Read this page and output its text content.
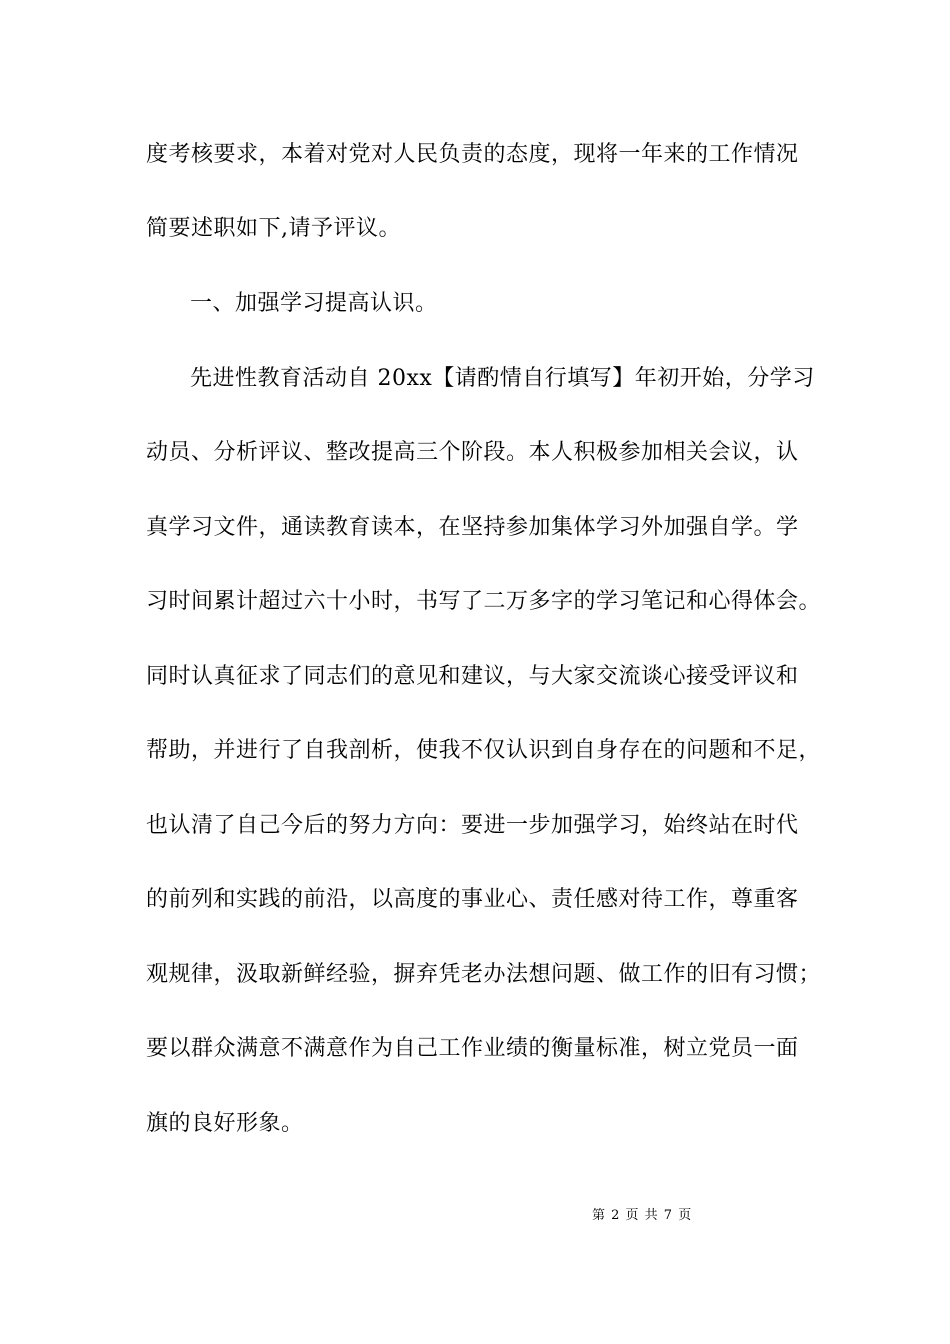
度考核要求，本着对党对人民负责的态度，现将一年来的工作情况
简要述职如下,请予评议。
一、加强学习提高认识。
先进性教育活动自 20xx【请酌情自行填写】年初开始，分学习
动员、分析评议、整改提高三个阶段。本人积极参加相关会议，认
真学习文件，通读教育读本，在坚持参加集体学习外加强自学。学
习时间累计超过六十小时，书写了二万多字的学习笔记和心得体会。
同时认真征求了同志们的意见和建议，与大家交流谈心接受评议和
帮助，并进行了自我剖析，使我不仅认识到自身存在的问题和不足，
也认清了自己今后的努力方向：要进一步加强学习，始终站在时代
的前列和实践的前沿，以高度的事业心、责任感对待工作，尊重客
观规律，汲取新鲜经验，摒弃凭老办法想问题、做工作的旧有习惯；
要以群众满意不满意作为自己工作业绩的衡量标准，树立党员一面
旗的良好形象。
第 2 页 共 7 页
